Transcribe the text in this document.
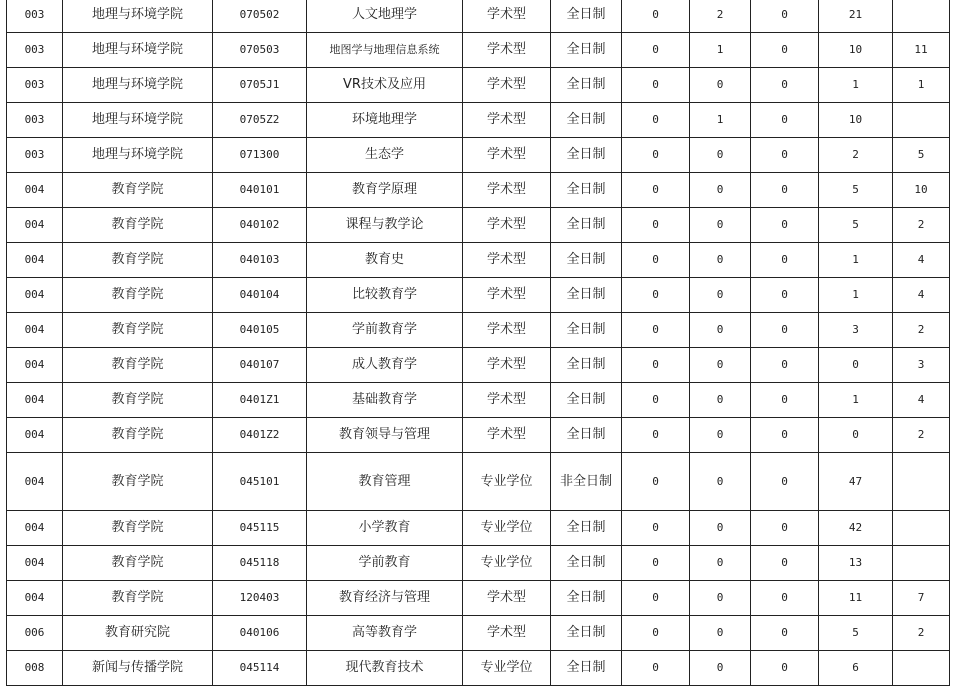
003	地理与环境学院	070502	人文地理学	学术型	全日制	0	2	0	21	
003	地理与环境学院	070503	地图学与地理信息系统	学术型	全日制	0	1	0	10	11
003	地理与环境学院	0705J1	VR技术及应用	学术型	全日制	0	0	0	1	1
003	地理与环境学院	0705Z2	环境地理学	学术型	全日制	0	1	0	10	
003	地理与环境学院	071300	生态学	学术型	全日制	0	0	0	2	5
004	教育学院	040101	教育学原理	学术型	全日制	0	0	0	5	10
004	教育学院	040102	课程与教学论	学术型	全日制	0	0	0	5	2
004	教育学院	040103	教育史	学术型	全日制	0	0	0	1	4
004	教育学院	040104	比较教育学	学术型	全日制	0	0	0	1	4
004	教育学院	040105	学前教育学	学术型	全日制	0	0	0	3	2
004	教育学院	040107	成人教育学	学术型	全日制	0	0	0	0	3
004	教育学院	0401Z1	基础教育学	学术型	全日制	0	0	0	1	4
004	教育学院	0401Z2	教育领导与管理	学术型	全日制	0	0	0	0	2
004	教育学院	045101	教育管理	专业学位	非全日制	0	0	0	47	
004	教育学院	045115	小学教育	专业学位	全日制	0	0	0	42	
004	教育学院	045118	学前教育	专业学位	全日制	0	0	0	13	
004	教育学院	120403	教育经济与管理	学术型	全日制	0	0	0	11	7
006	教育研究院	040106	高等教育学	学术型	全日制	0	0	0	5	2
008	新闻与传播学院	045114	现代教育技术	专业学位	全日制	0	0	0	6	
